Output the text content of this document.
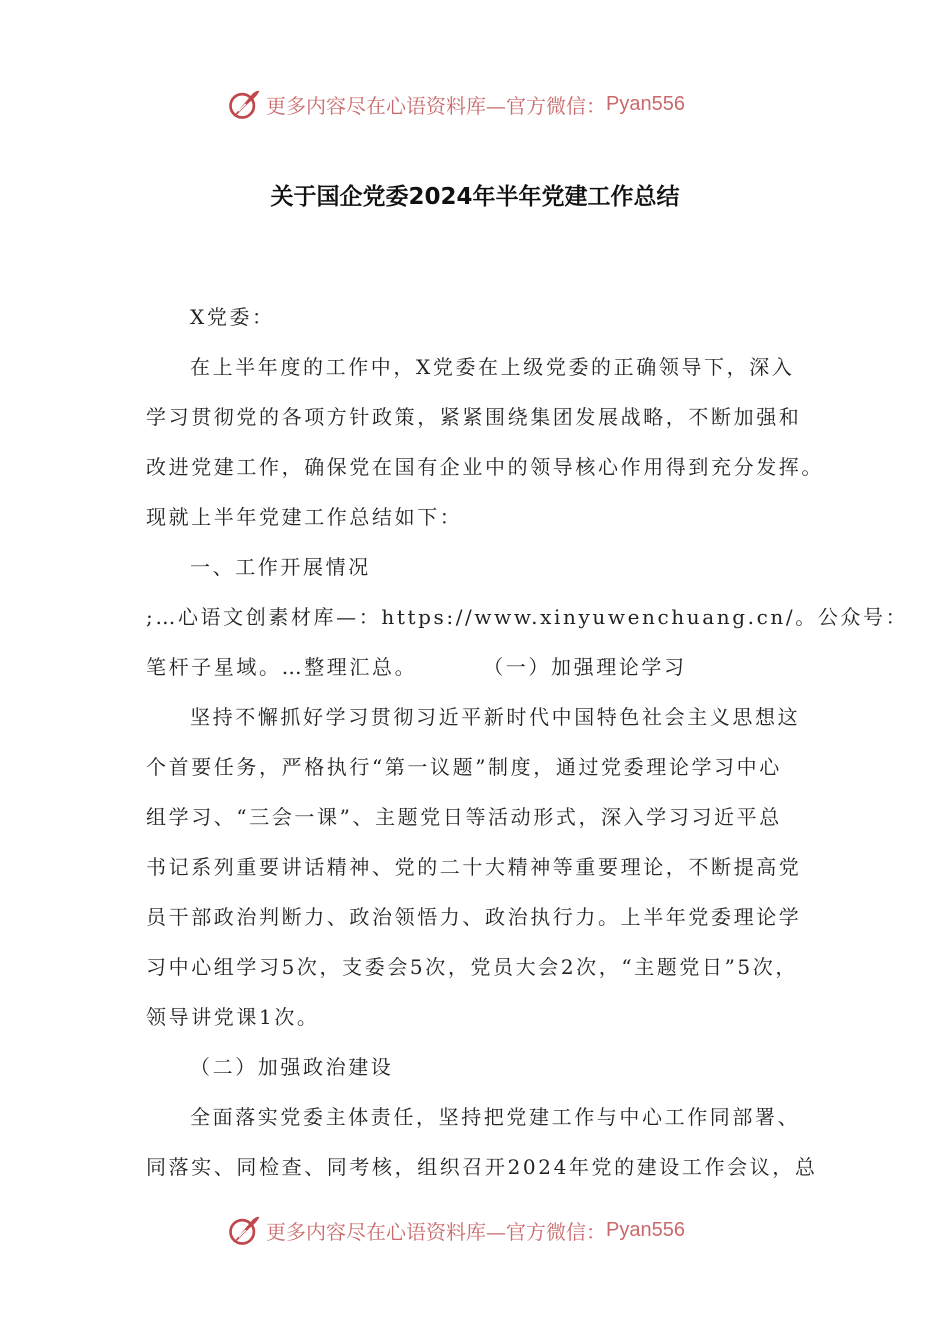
更多内容尽在心语资料库—官方微信： Pyan556
关于国企党委2024年半年党建工作总结
X党委：
在上半年度的工作中，X党委在上级党委的正确领导下，深入
学习贯彻党的各项方针政策，紧紧围绕集团发展战略，不断加强和
改进党建工作，确保党在国有企业中的领导核心作用得到充分发挥。
现就上半年党建工作总结如下：
一、工作开展情况
;…心语文创素材库—：https://www.xinyuwenchuang.cn/。公众号：
笔杆子星域。…整理汇总。	（一）加强理论学习
坚持不懈抓好学习贯彻习近平新时代中国特色社会主义思想这
个首要任务，严格执行“第一议题”制度，通过党委理论学习中心
组学习、“三会一课”、主题党日等活动形式，深入学习习近平总
书记系列重要讲话精神、党的二十大精神等重要理论，不断提高党
员干部政治判断力、政治领悟力、政治执行力。上半年党委理论学
习中心组学习5次，支委会5次，党员大会2次，“主题党日”5次，
领导讲党课1次。
（二）加强政治建设
全面落实党委主体责任，坚持把党建工作与中心工作同部署、
同落实、同检查、同考核，组织召开2024年党的建设工作会议，总
更多内容尽在心语资料库—官方微信： Pyan556
